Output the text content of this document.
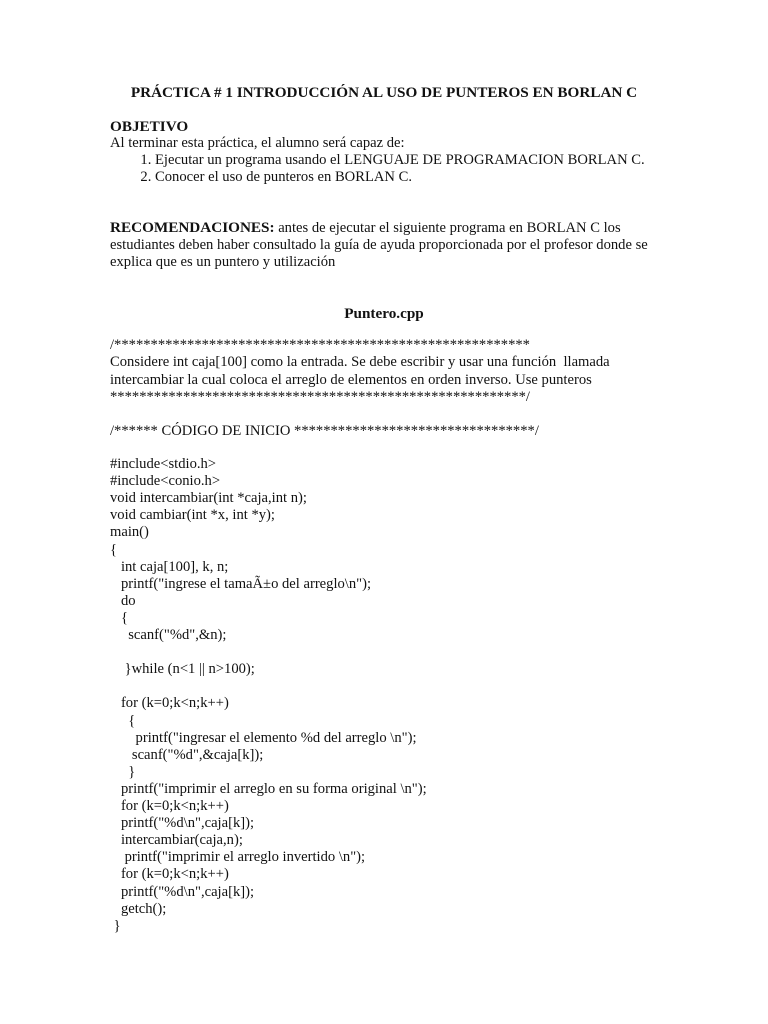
PRÁCTICA # 1 INTRODUCCIÓN AL USO DE PUNTEROS EN BORLAN C
OBJETIVO
Al terminar esta práctica, el alumno será capaz de:
1. Ejecutar un programa usando el LENGUAJE DE PROGRAMACION BORLAN C.
2. Conocer el uso de punteros en BORLAN C.
RECOMENDACIONES: antes de ejecutar el siguiente programa en BORLAN C los estudiantes deben haber consultado la guía de ayuda proporcionada por el profesor donde se explica que es un puntero y utilización
Puntero.cpp
/*********************************************************
Considere int caja[100] como la entrada. Se debe escribir y usar una función  llamada
intercambiar la cual coloca el arreglo de elementos en orden inverso. Use punteros
*********************************************************/
/****** CÓDIGO DE INICIO *********************************/
#include<stdio.h>
#include<conio.h>
void intercambiar(int *caja,int n);
void cambiar(int *x, int *y);
main()
{
int caja[100], k, n;
printf("ingrese el tamaÃ±o del arreglo\n");
do
{
scanf("%d",&n);
}while (n<1 || n>100);
for (k=0;k<n;k++)
{
printf("ingresar el elemento %d del arreglo \n");
scanf("%d",&caja[k]);
}
printf("imprimir el arreglo en su forma original \n");
for (k=0;k<n;k++)
printf("%d\n",caja[k]);
intercambiar(caja,n);
printf("imprimir el arreglo invertido \n");
for (k=0;k<n;k++)
printf("%d\n",caja[k]);
getch();
}
